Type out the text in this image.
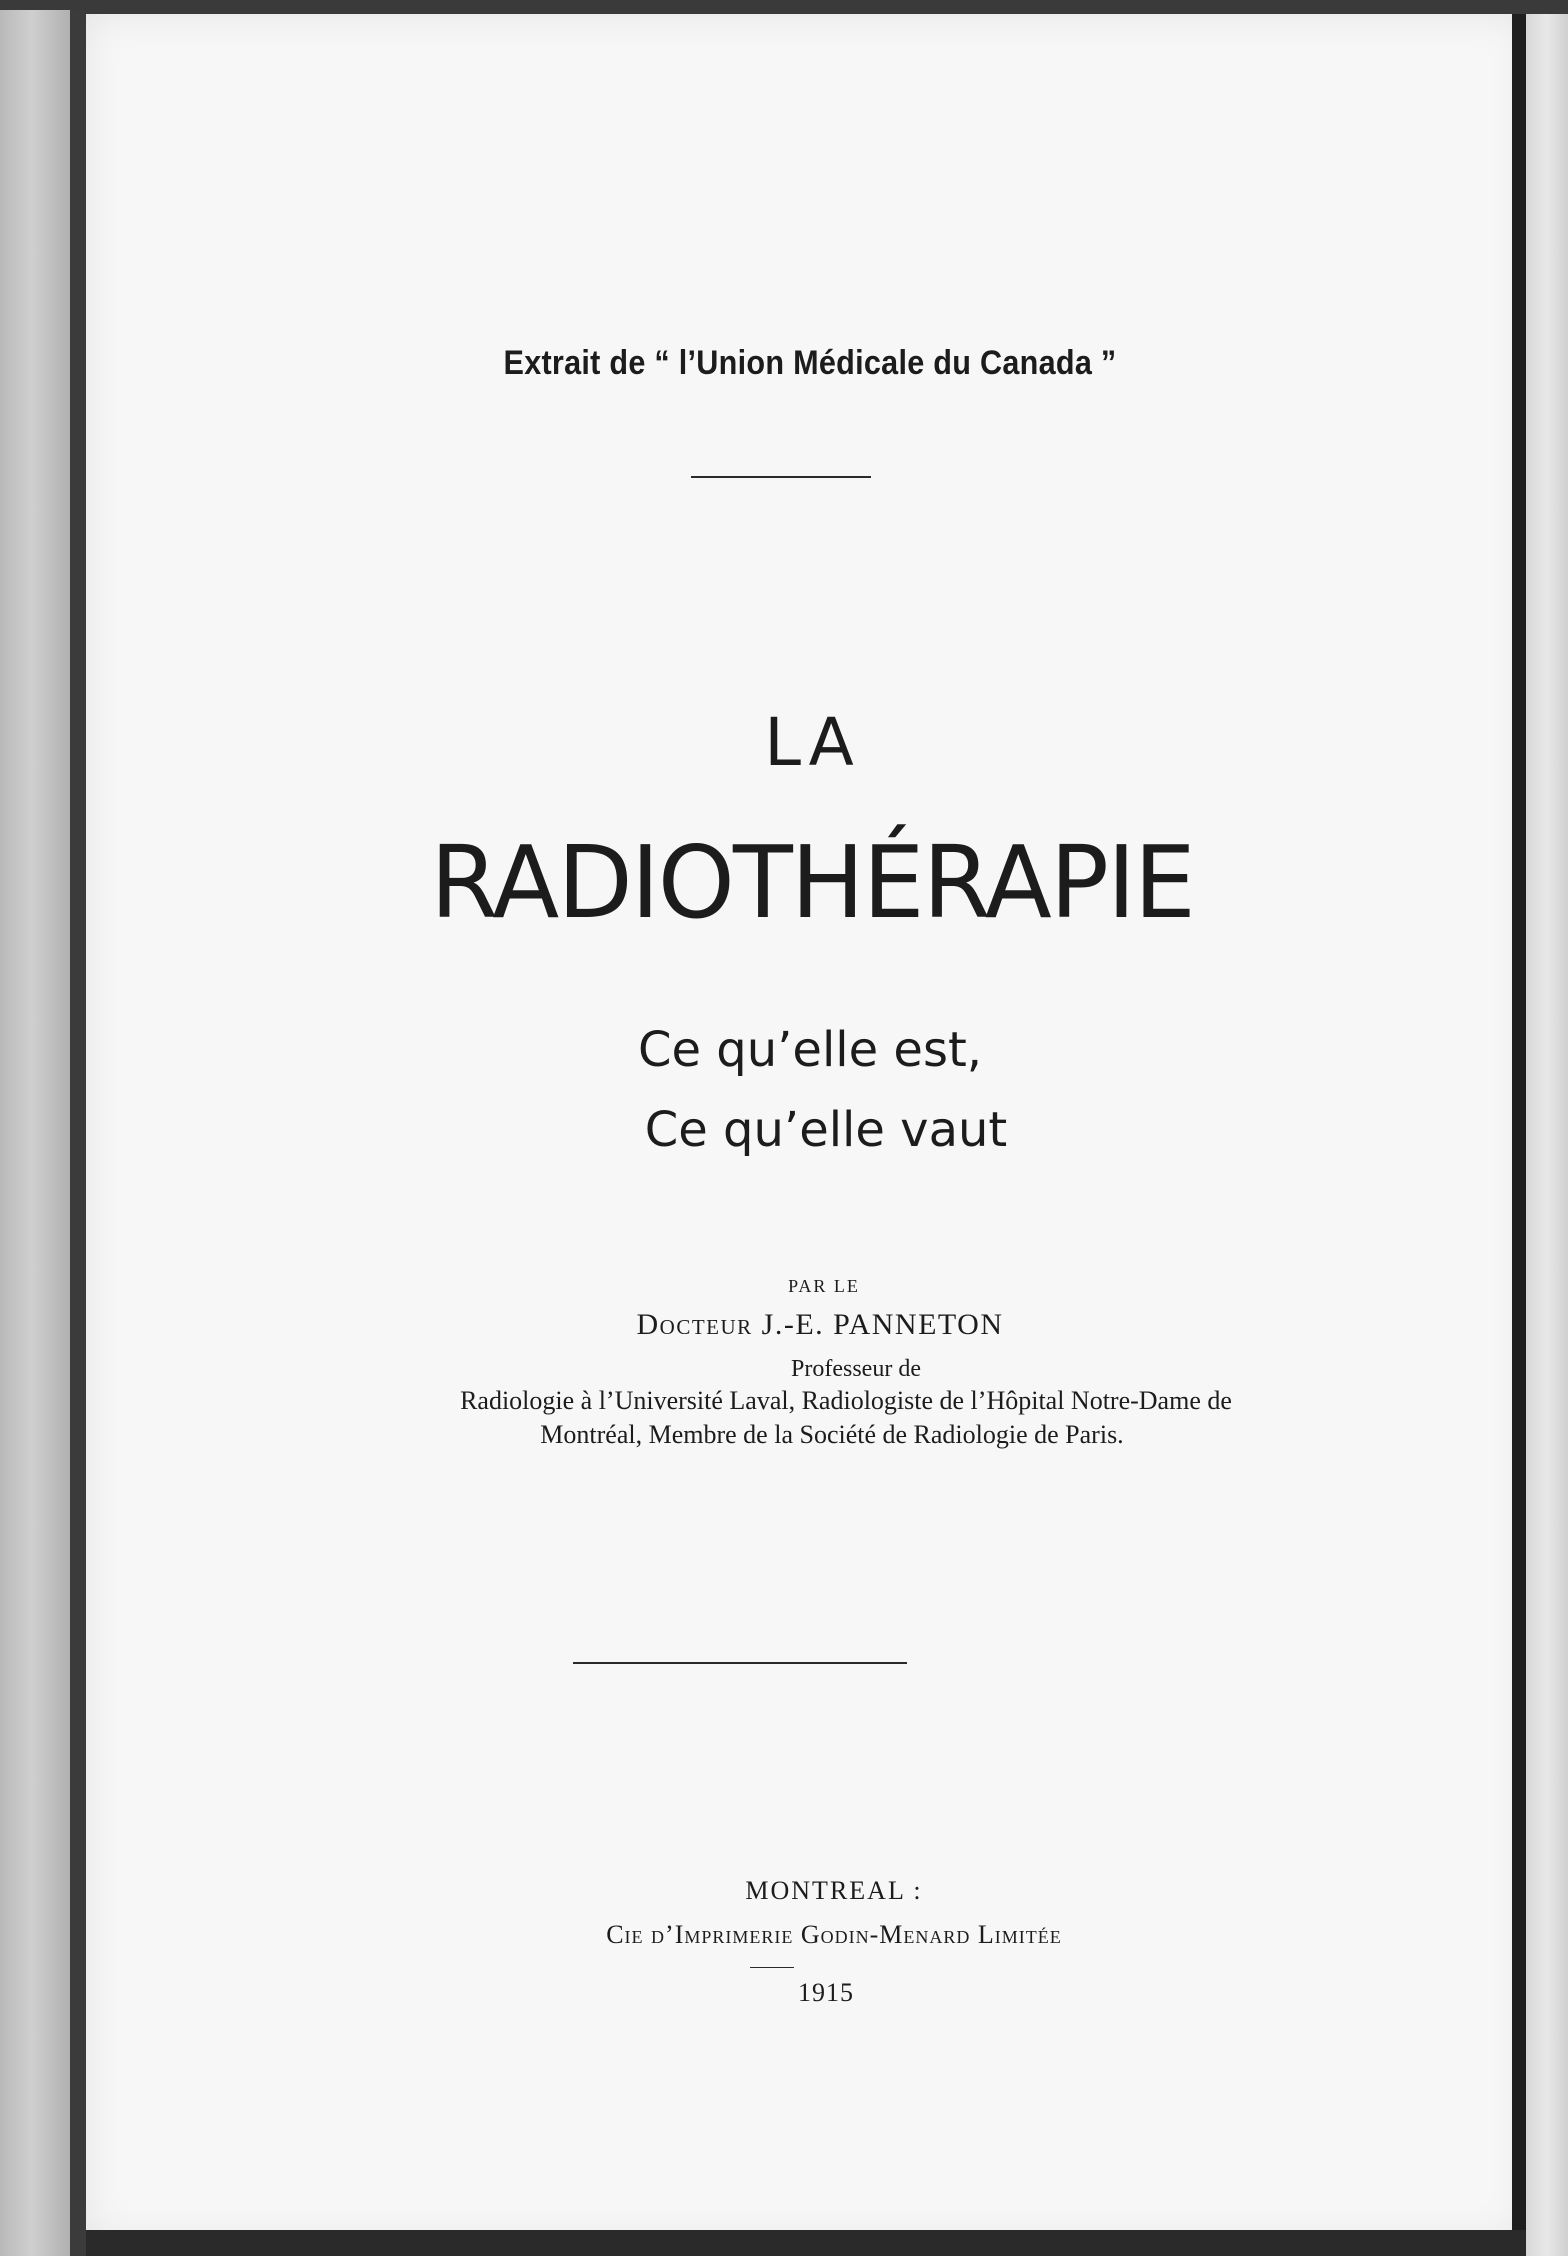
Extrait de “ l’Union Médicale du Canada ”
LA
RADIOTHÉRAPIE
Ce qu’elle est,
Ce qu’elle vaut
PAR LE
Docteur J.-E. PANNETON
Professeur de
Radiologie à l’Université Laval, Radiologiste de l’Hôpital Notre-Dame de
Montréal, Membre de la Société de Radiologie de Paris.
MONTREAL :
Cie d’Imprimerie Godin-Menard Limitée
1915
